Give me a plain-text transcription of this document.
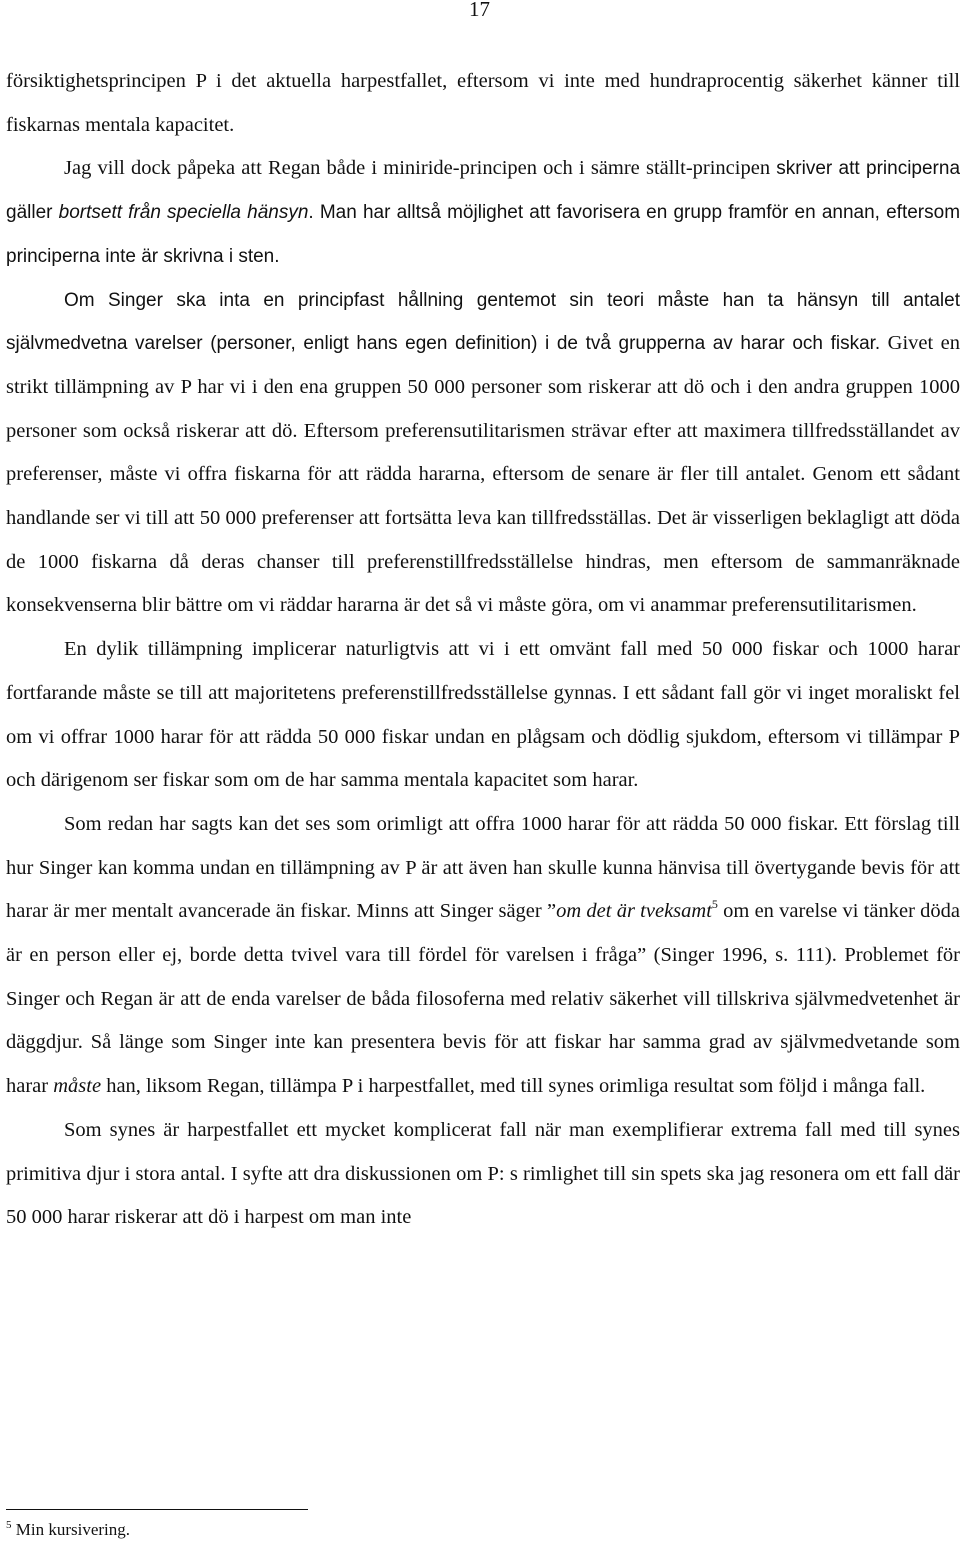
17

försiktighetsprincipen P i det aktuella harpestfallet, eftersom vi inte med hundraprocentig säkerhet känner till fiskarnas mentala kapacitet.

Jag vill dock påpeka att Regan både i miniride-principen och i sämre ställt-principen skriver att principerna gäller bortsett från speciella hänsyn. Man har alltså möjlighet att favorisera en grupp framför en annan, eftersom principerna inte är skrivna i sten.

Om Singer ska inta en principfast hållning gentemot sin teori måste han ta hänsyn till antalet självmedvetna varelser (personer, enligt hans egen definition) i de två grupperna av harar och fiskar. Givet en strikt tillämpning av P har vi i den ena gruppen 50 000 personer som riskerar att dö och i den andra gruppen 1000 personer som också riskerar att dö. Eftersom preferensutilitarismen strävar efter att maximera tillfredsställandet av preferenser, måste vi offra fiskarna för att rädda hararna, eftersom de senare är fler till antalet. Genom ett sådant handlande ser vi till att 50 000 preferenser att fortsätta leva kan tillfredsställas. Det är visserligen beklagligt att döda de 1000 fiskarna då deras chanser till preferenstillfredsställelse hindras, men eftersom de sammanräknade konsekvenserna blir bättre om vi räddar hararna är det så vi måste göra, om vi anammar preferensutilitarismen.

En dylik tillämpning implicerar naturligtvis att vi i ett omvänt fall med 50 000 fiskar och 1000 harar fortfarande måste se till att majoritetens preferenstillfredsställelse gynnas. I ett sådant fall gör vi inget moraliskt fel om vi offrar 1000 harar för att rädda 50 000 fiskar undan en plågsam och dödlig sjukdom, eftersom vi tillämpar P och därigenom ser fiskar som om de har samma mentala kapacitet som harar.

Som redan har sagts kan det ses som orimligt att offra 1000 harar för att rädda 50 000 fiskar. Ett förslag till hur Singer kan komma undan en tillämpning av P är att även han skulle kunna hänvisa till övertygande bevis för att harar är mer mentalt avancerade än fiskar. Minns att Singer säger ”om det är tveksamt$^5$ om en varelse vi tänker döda är en person eller ej, borde detta tvivel vara till fördel för varelsen i fråga” (Singer 1996, s. 111). Problemet för Singer och Regan är att de enda varelser de båda filosoferna med relativ säkerhet vill tillskriva självmedvetenhet är däggdjur. Så länge som Singer inte kan presentera bevis för att fiskar har samma grad av självmedvetande som harar måste han, liksom Regan, tillämpa P i harpestfallet, med till synes orimliga resultat som följd i många fall.

Som synes är harpestfallet ett mycket komplicerat fall när man exemplifierar extrema fall med till synes primitiva djur i stora antal. I syfte att dra diskussionen om P: s rimlighet till sin spets ska jag resonera om ett fall där 50 000 harar riskerar att dö i harpest om man inte

$^5$ Min kursivering.
